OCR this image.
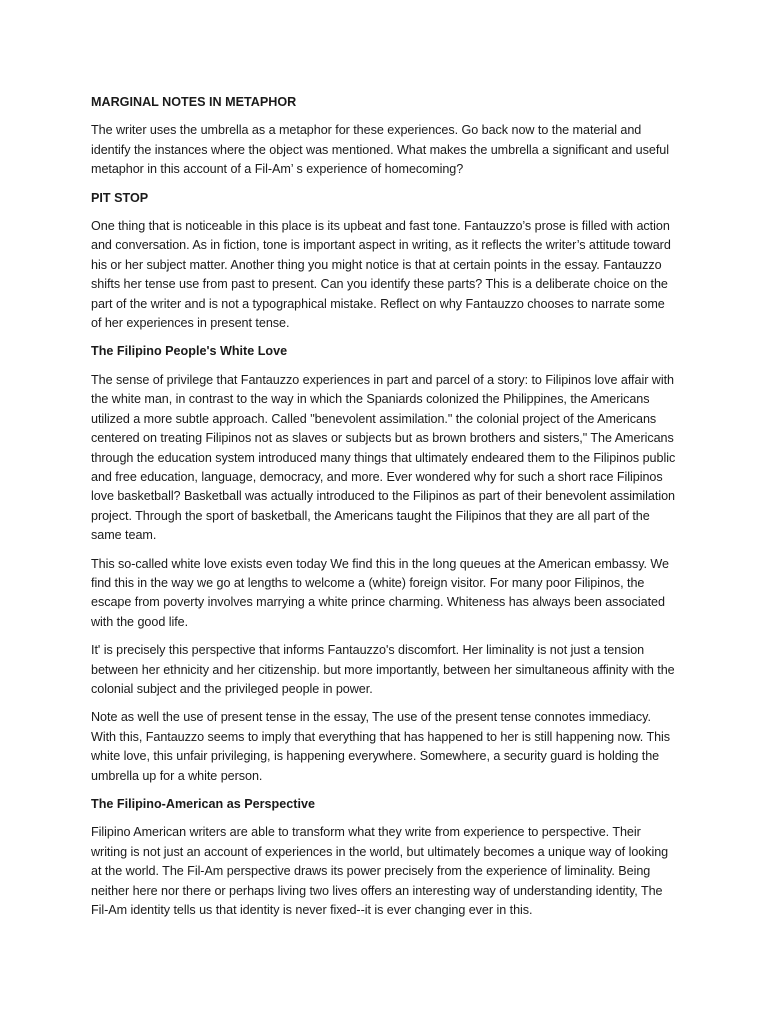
MARGINAL NOTES IN METAPHOR

The writer uses the umbrella as a metaphor for these experiences. Go back now to the material and identify the instances where the object was mentioned. What makes the umbrella a significant and useful metaphor in this account of a Fil-Am’ s experience of homecoming?

PIT STOP

One thing that is noticeable in this place is its upbeat and fast tone. Fantauzzo’s prose is filled with action and conversation. As in fiction, tone is important aspect in writing, as it reflects the writer’s attitude toward his or her subject matter. Another thing you might notice is that at certain points in the essay. Fantauzzo shifts her tense use from past to present. Can you identify these parts? This is a deliberate choice on the part of the writer and is not a typographical mistake. Reflect on why Fantauzzo chooses to narrate some of her experiences in present tense.

The Filipino People's White Love

The sense of privilege that Fantauzzo experiences in part and parcel of a story: to Filipinos love affair with the white man, in contrast to the way in which the Spaniards colonized the Philippines, the Americans utilized a more subtle approach. Called "benevolent assimilation." the colonial project of the Americans centered on treating Filipinos not as slaves or subjects but as brown brothers and sisters," The Americans through the education system introduced many things that ultimately endeared them to the Filipinos public and free education, language, democracy, and more. Ever wondered why for such a short race Filipinos love basketball? Basketball was actually introduced to the Filipinos as part of their benevolent assimilation project. Through the sport of basketball, the Americans taught the Filipinos that they are all part of the same team.

This so-called white love exists even today We find this in the long queues at the American embassy. We find this in the way we go at lengths to welcome a (white) foreign visitor. For many poor Filipinos, the escape from poverty involves marrying a white prince charming. Whiteness has always been associated with the good life.

It' is precisely this perspective that informs Fantauzzo's discomfort. Her liminality is not just a tension between her ethnicity and her citizenship. but more importantly, between her simultaneous affinity with the colonial subject and the privileged people in power.

Note as well the use of present tense in the essay, The use of the present tense connotes immediacy. With this, Fantauzzo seems to imply that everything that has happened to her is still happening now. This white love, this unfair privileging, is happening everywhere. Somewhere, a security guard is holding the umbrella up for a white person.

The Filipino-American as Perspective

Filipino American writers are able to transform what they write from experience to perspective. Their writing is not just an account of experiences in the world, but ultimately becomes a unique way of looking at the world. The Fil-Am perspective draws its power precisely from the experience of liminality. Being neither here nor there or perhaps living two lives offers an interesting way of understanding identity, The Fil-Am identity tells us that identity is never fixed--it is ever changing ever in this.
